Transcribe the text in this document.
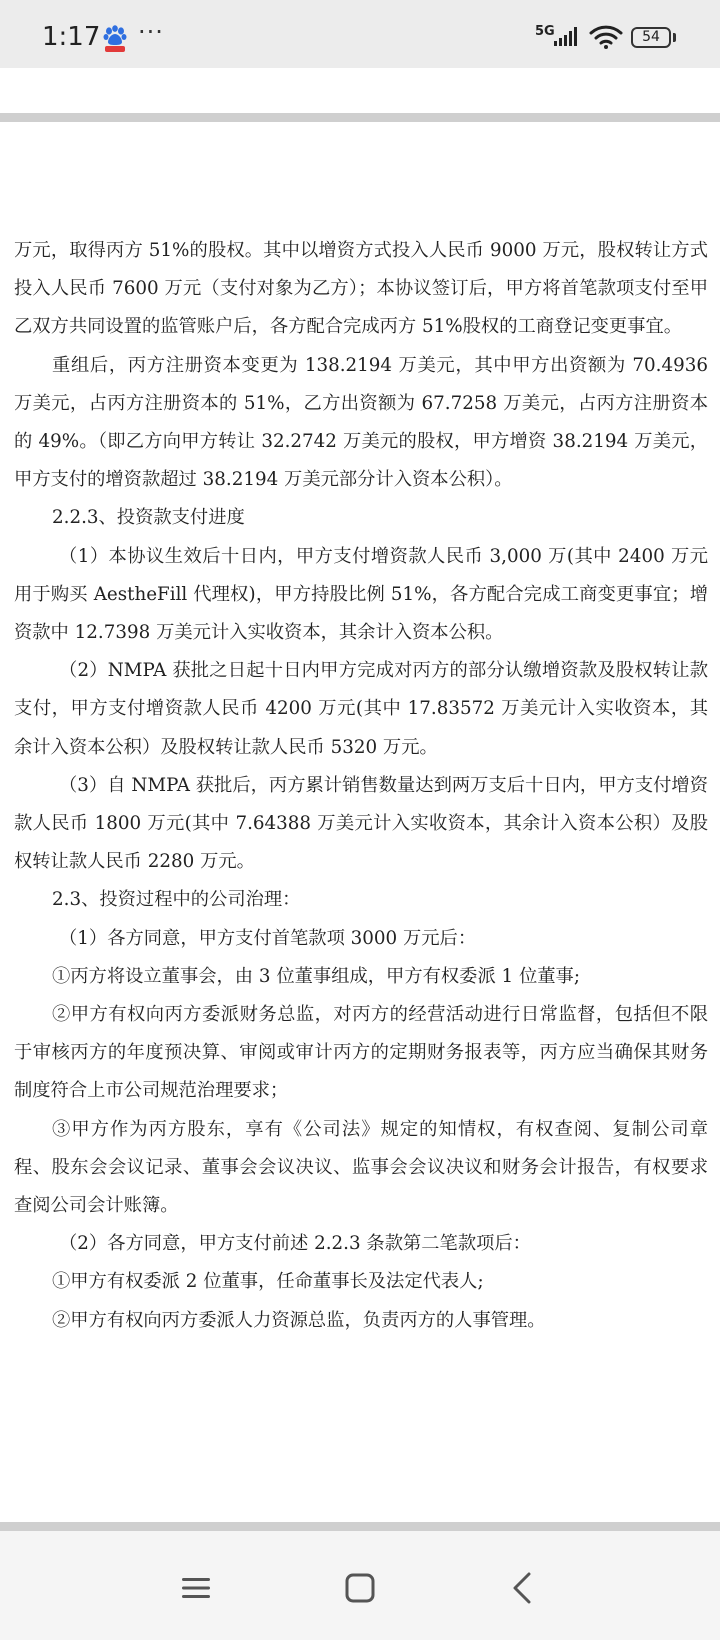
1:17 ···	5G	54

万元，取得丙方 51%的股权。其中以增资方式投入人民币 9000 万元，股权转让方式投入人民币 7600 万元（支付对象为乙方）；本协议签订后，甲方将首笔款项支付至甲乙双方共同设置的监管账户后，各方配合完成丙方 51%股权的工商登记变更事宜。

重组后，丙方注册资本变更为 138.2194 万美元，其中甲方出资额为 70.4936 万美元，占丙方注册资本的 51%，乙方出资额为 67.7258 万美元，占丙方注册资本的 49%。（即乙方向甲方转让 32.2742 万美元的股权，甲方增资 38.2194 万美元，甲方支付的增资款超过 38.2194 万美元部分计入资本公积）。

2.2.3、投资款支付进度

（1）本协议生效后十日内，甲方支付增资款人民币 3,000 万(其中 2400 万元用于购买 AestheFill 代理权)，甲方持股比例 51%，各方配合完成工商变更事宜；增资款中 12.7398 万美元计入实收资本，其余计入资本公积。

（2）NMPA 获批之日起十日内甲方完成对丙方的部分认缴增资款及股权转让款支付，甲方支付增资款人民币 4200 万元(其中 17.83572 万美元计入实收资本，其余计入资本公积）及股权转让款人民币 5320 万元。

（3）自 NMPA 获批后，丙方累计销售数量达到两万支后十日内，甲方支付增资款人民币 1800 万元(其中 7.64388 万美元计入实收资本，其余计入资本公积）及股权转让款人民币 2280 万元。

2.3、投资过程中的公司治理：

（1）各方同意，甲方支付首笔款项 3000 万元后：

①丙方将设立董事会，由 3 位董事组成，甲方有权委派 1 位董事;

②甲方有权向丙方委派财务总监，对丙方的经营活动进行日常监督，包括但不限于审核丙方的年度预决算、审阅或审计丙方的定期财务报表等，丙方应当确保其财务制度符合上市公司规范治理要求；

③甲方作为丙方股东，享有《公司法》规定的知情权，有权查阅、复制公司章程、股东会会议记录、董事会会议决议、监事会会议决议和财务会计报告，有权要求查阅公司会计账簿。

（2）各方同意，甲方支付前述 2.2.3 条款第二笔款项后：

①甲方有权委派 2 位董事，任命董事长及法定代表人;

②甲方有权向丙方委派人力资源总监，负责丙方的人事管理。
